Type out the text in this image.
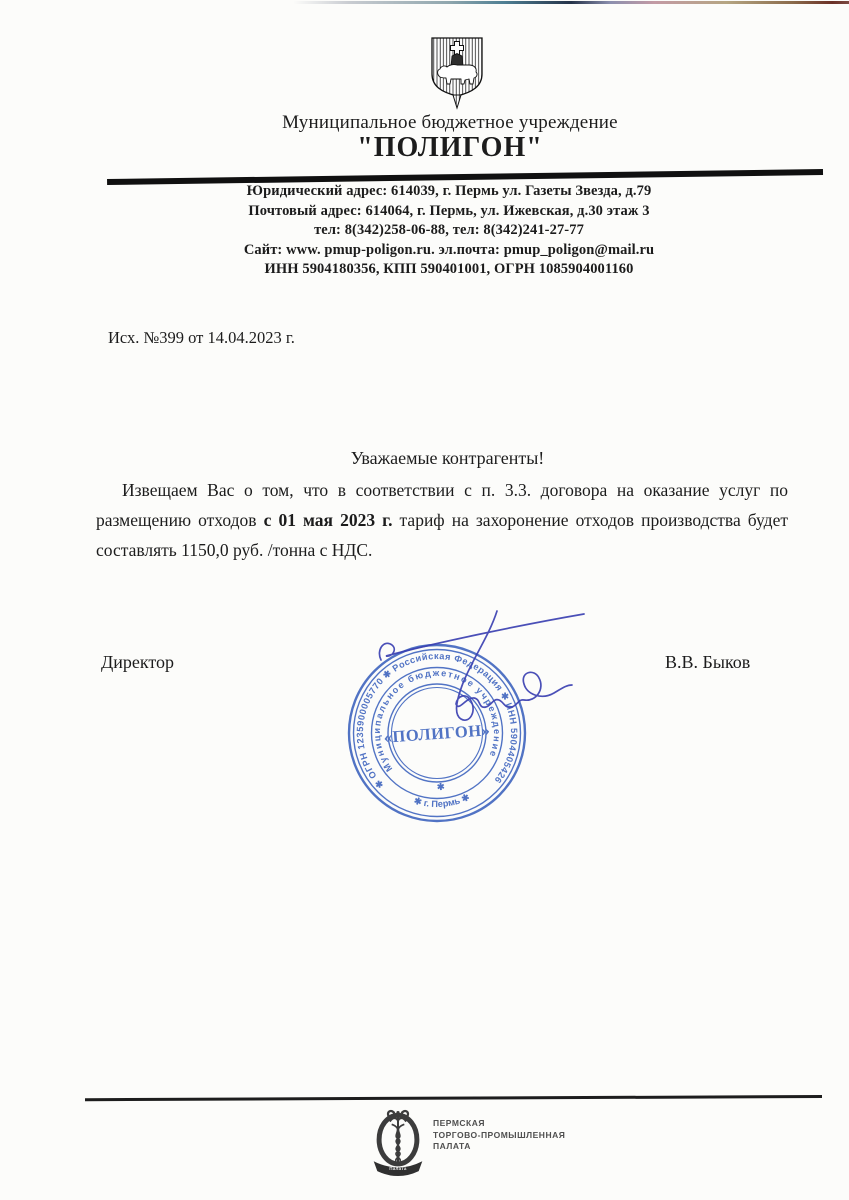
Муниципальное бюджетное учреждение
"ПОЛИГОН"
Юридический адрес: 614039, г. Пермь ул. Газеты Звезда, д.79
Почтовый адрес: 614064, г. Пермь, ул. Ижевская, д.30 этаж 3
тел: 8(342)258-06-88, тел: 8(342)241-27-77
Сайт: www. pmup-poligon.ru. эл.почта: pmup_poligon@mail.ru
ИНН 5904180356, КПП 590401001, ОГРН 1085904001160
Исх. №399 от 14.04.2023 г.
Уважаемые контрагенты!
Извещаем Вас о том, что в соответствии с п. 3.3. договора на оказание услуг по
размещению отходов с 01 мая 2023 г. тариф на захоронение отходов производства будет
составлять 1150,0 руб. /тонна с НДС.
Директор	В.В. Быков
✱ ОГРН 1235900005770 ✱ Российская Федерация ✱ ИНН 5904405426
✱ г. Пермь ✱
Муниципальное бюджетное учреждение
✱
«ПОЛИГОН»
Палата
ПЕРМСКАЯ
ТОРГОВО-ПРОМЫШЛЕННАЯ
ПАЛАТА
